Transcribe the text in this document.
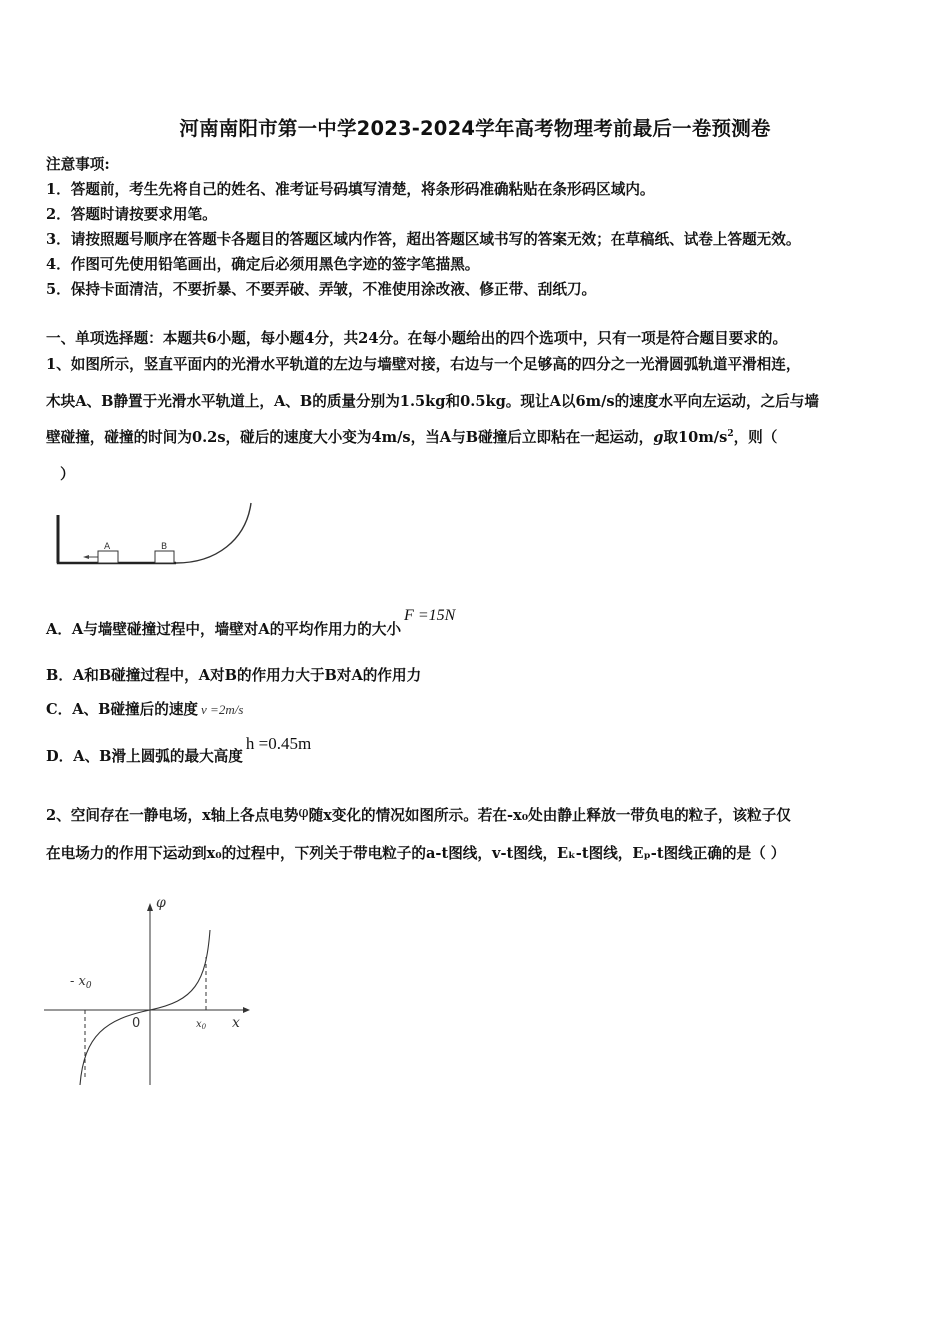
河南南阳市第一中学2023-2024学年高考物理考前最后一卷预测卷
注意事项:
1．答题前，考生先将自己的姓名、准考证号码填写清楚，将条形码准确粘贴在条形码区域内。
2．答题时请按要求用笔。
3．请按照题号顺序在答题卡各题目的答题区域内作答，超出答题区域书写的答案无效；在草稿纸、试卷上答题无效。
4．作图可先使用铅笔画出，确定后必须用黑色字迹的签字笔描黑。
5．保持卡面清洁，不要折暴、不要弄破、弄皱，不准使用涂改液、修正带、刮纸刀。
一、单项选择题：本题共6小题，每小题4分，共24分。在每小题给出的四个选项中，只有一项是符合题目要求的。
1、如图所示，竖直平面内的光滑水平轨道的左边与墙壁对接，右边与一个足够高的四分之一光滑圆弧轨道平滑相连，
木块A、B静置于光滑水平轨道上，A、B的质量分别为1.5kg和0.5kg。现让A以6m/s的速度水平向左运动，之后与墙
壁碰撞，碰撞的时间为0.2s，碰后的速度大小变为4m/s，当A与B碰撞后立即粘在一起运动，g取$10m/s^2$，则（
）
A	B
A．A与墙壁碰撞过程中，墙壁对A的平均作用力的大小F =15N
B．A和B碰撞过程中，A对B的作用力大于B对A的作用力
C．A、B碰撞后的速度 v =2m/s
D．A、B滑上圆弧的最大高度h =0.45m
2、空间存在一静电场，x轴上各点电势φ随x变化的情况如图所示。若在-x₀处由静止释放一带负电的粒子，该粒子仅
在电场力的作用下运动到x₀的过程中，下列关于带电粒子的a-t图线，v-t图线，Eₖ-t图线，Eₚ-t图线正确的是（ ）
φ
- $x_0$
0	$x_0$ x
